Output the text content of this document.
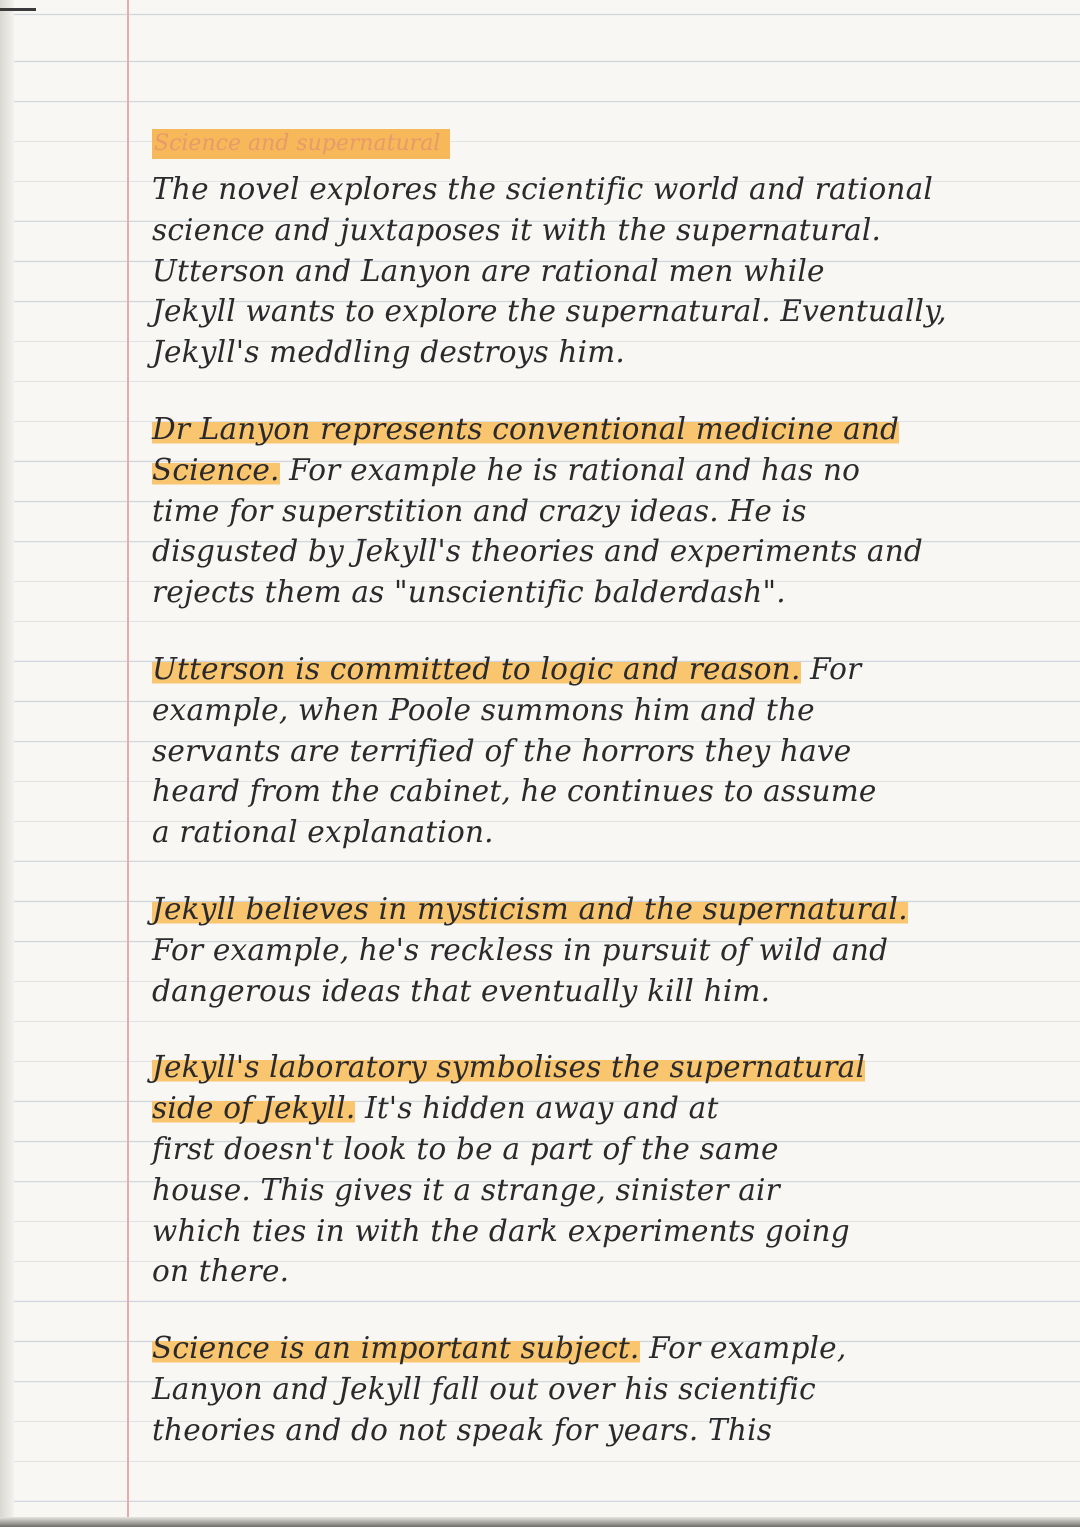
Science and supernatural
The novel explores the scientific world and rational
science and juxtaposes it with the supernatural.
Utterson and Lanyon are rational men while
Jekyll wants to explore the supernatural. Eventually,
Jekyll's meddling destroys him.
Dr Lanyon represents conventional medicine and
Science. For example he is rational and has no
time for superstition and crazy ideas. He is
disgusted by Jekyll's theories and experiments and
rejects them as "unscientific balderdash".
Utterson is committed to logic and reason. For
example, when Poole summons him and the
servants are terrified of the horrors they have
heard from the cabinet, he continues to assume
a rational explanation.
Jekyll believes in mysticism and the supernatural.
For example, he's reckless in pursuit of wild and
dangerous ideas that eventually kill him.
Jekyll's laboratory symbolises the supernatural
side of Jekyll. It's hidden away and at
first doesn't look to be a part of the same
house. This gives it a strange, sinister air
which ties in with the dark experiments going
on there.
Science is an important subject. For example,
Lanyon and Jekyll fall out over his scientific
theories and do not speak for years. This
